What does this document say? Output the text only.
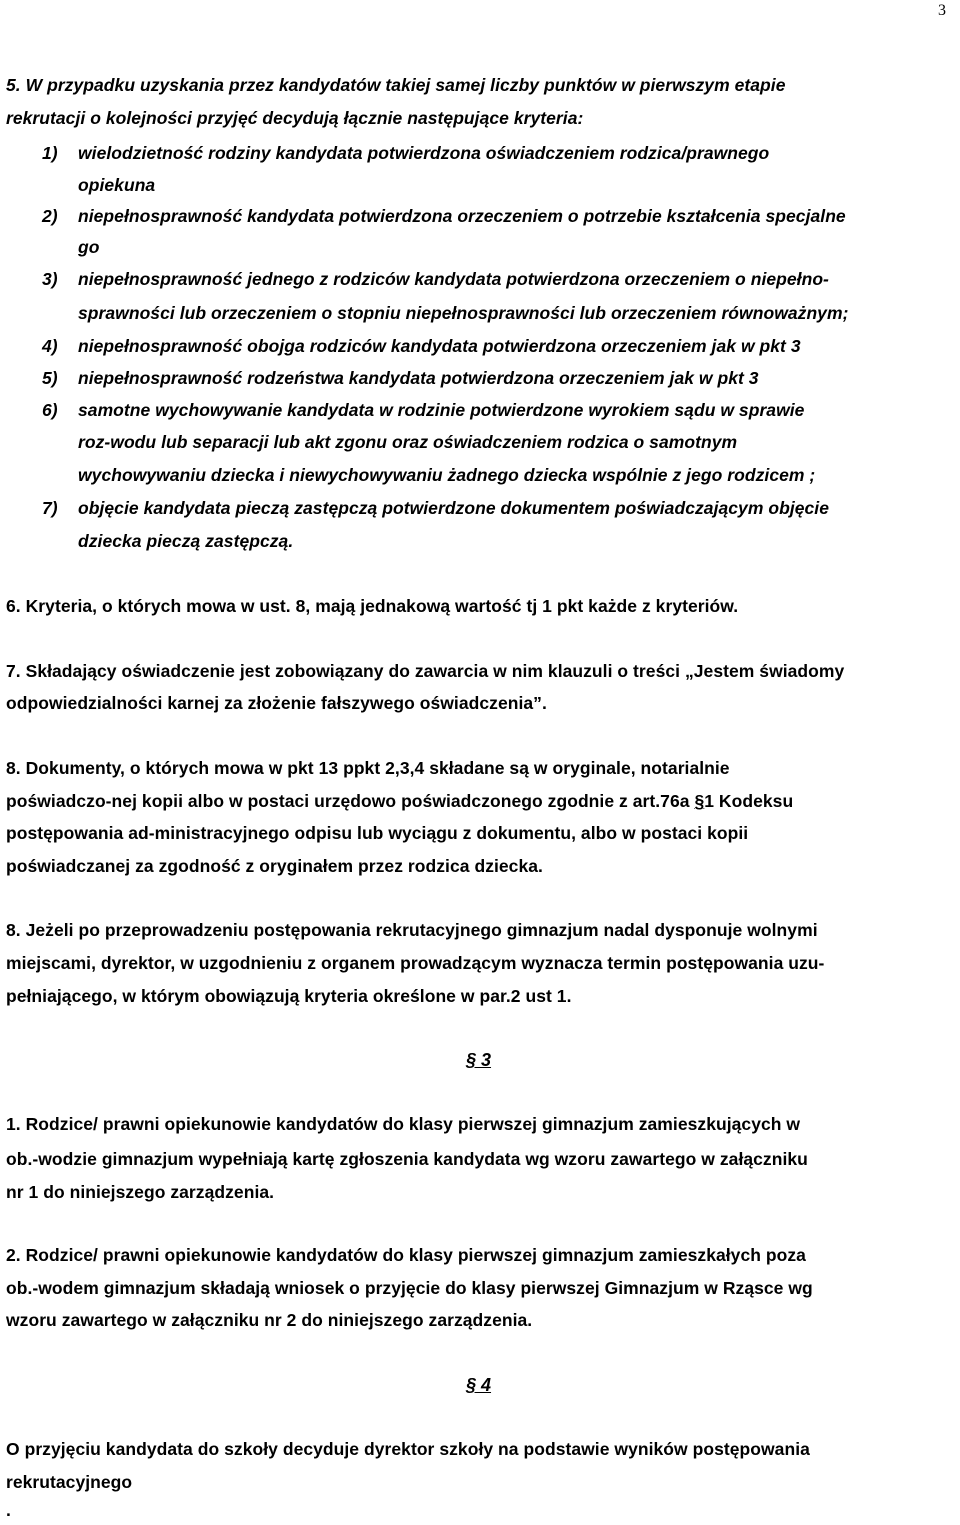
3
5. W przypadku uzyskania przez kandydatów takiej samej liczby punktów w pierwszym etapie
rekrutacji o kolejności przyjęć decydują łącznie następujące kryteria:
1) wielodzietność rodziny kandydata potwierdzona oświadczeniem rodzica/prawnego
opiekuna
2) niepełnosprawność kandydata potwierdzona orzeczeniem o potrzebie kształcenia specjalne
go
3) niepełnosprawność jednego z rodziców kandydata potwierdzona orzeczeniem o niepełno-
sprawności lub orzeczeniem o stopniu niepełnosprawności lub orzeczeniem równoważnym;
4) niepełnosprawność obojga rodziców kandydata potwierdzona orzeczeniem jak w pkt 3
5) niepełnosprawność rodzeństwa kandydata potwierdzona orzeczeniem jak w pkt 3
6) samotne wychowywanie kandydata w rodzinie potwierdzone wyrokiem sądu w sprawie
roz-wodu lub separacji lub akt zgonu oraz oświadczeniem rodzica o samotnym
wychowywaniu dziecka i niewychowywaniu żadnego dziecka wspólnie z jego rodzicem ;
7) objęcie kandydata pieczą zastępczą potwierdzone dokumentem poświadczającym objęcie
dziecka pieczą zastępczą.
6. Kryteria, o których mowa w ust. 8, mają jednakową wartość tj 1 pkt każde z kryteriów.
7. Składający oświadczenie jest zobowiązany do zawarcia w nim klauzuli o treści „Jestem świadomy
odpowiedzialności karnej za złożenie fałszywego oświadczenia”.
8. Dokumenty, o których mowa w pkt 13 ppkt 2,3,4 składane są w oryginale, notarialnie
poświadczo-nej kopii albo w postaci urzędowo poświadczonego zgodnie z art.76a §1 Kodeksu
postępowania ad-ministracyjnego odpisu lub wyciągu z dokumentu, albo w postaci kopii
poświadczanej za zgodność z oryginałem przez rodzica dziecka.
8. Jeżeli po przeprowadzeniu postępowania rekrutacyjnego gimnazjum nadal dysponuje wolnymi
miejscami, dyrektor, w uzgodnieniu z organem prowadzącym wyznacza termin postępowania uzu-
pełniającego, w którym obowiązują kryteria określone w par.2 ust 1.
§ 3
1. Rodzice/ prawni opiekunowie kandydatów do klasy pierwszej gimnazjum zamieszkujących w
ob.-wodzie gimnazjum wypełniają kartę zgłoszenia kandydata wg wzoru zawartego w załączniku
nr 1 do niniejszego zarządzenia.
2. Rodzice/ prawni opiekunowie kandydatów do klasy pierwszej gimnazjum zamieszkałych poza
ob.-wodem gimnazjum składają wniosek o przyjęcie do klasy pierwszej Gimnazjum w Rząsce wg
wzoru zawartego w załączniku nr 2 do niniejszego zarządzenia.
§ 4
O przyjęciu kandydata do szkoły decyduje dyrektor szkoły na podstawie wyników postępowania
rekrutacyjnego
.
